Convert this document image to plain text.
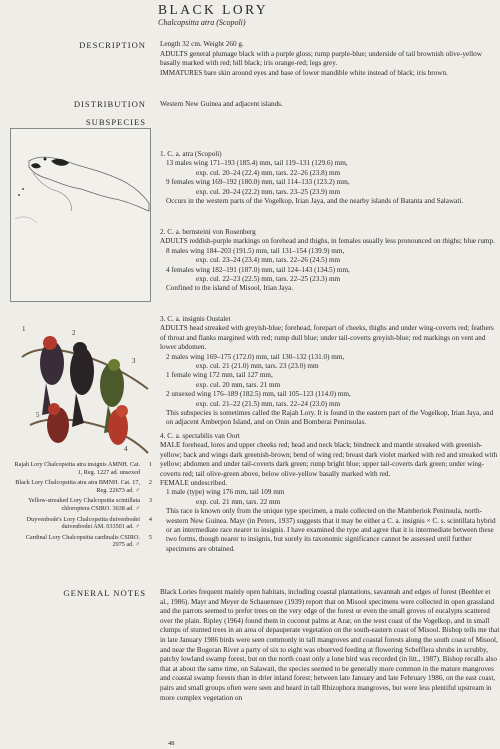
BLACK LORY
Chalcopsitta atra (Scopoli)
DESCRIPTION Length 32 cm. Weight 260 g.

ADULTS general plumage black with a purple gloss; rump purple-blue; underside of tail brownish olive-yellow basally marked with red; bill black; iris orange-red; legs grey.

IMMATURES bare skin around eyes and base of lower mandible white instead of black; iris brown.

DISTRIBUTION Western New Guinea and adjacent islands.
SUBSPECIES
1. C. a. atra (Scopoli)
13 males wing 171–193 (185.4) mm, tail 119–131 (129.6) mm,
exp. cul. 20–24 (22.4) mm, tars. 22–26 (23.8) mm
9 females wing 169–192 (180.0) mm, tail 114–133 (123.2) mm,
exp. cul. 20–24 (22.2) mm, tars. 23–25 (23.9) mm
Occurs in the western parts of the Vogelkop, Irian Jaya, and the nearby islands of Batanta and Salawati.
2. C. a. bernsteini von Rosenberg
ADULTS reddish-purple markings on forehead and thighs, in females usually less pronounced on thighs; blue rump.
8 males wing 184–203 (191.5) mm, tail 131–154 (139.9) mm,
exp. cul. 23–24 (23.4) mm, tars. 22–26 (24.5) mm
4 females wing 182–191 (187.0) mm, tail 124–143 (134.5) mm,
exp. cul. 22–23 (22.5) mm, tars. 22–25 (23.3) mm
Confined to the island of Misool, Irian Jaya.
3. C. a. insignis Oustalet
ADULTS head streaked with greyish-blue; forehead, forepart of cheeks, thighs and under wing-coverts red; feathers of throat and flanks margined with red; rump dull blue; under tail-coverts greyish-blue; red markings on vent and lower abdomen.
2 males wing 169–175 (172.0) mm, tail 130–132 (131.0) mm,
exp. cul. 21 (21.0) mm, tars. 23 (23.0) mm
1 female wing 172 mm, tail 127 mm,
exp. cul. 20 mm, tars. 21 mm
2 unsexed wing 176–189 (182.5) mm, tail 105–123 (114.0) mm,
exp. cul. 21–22 (21.5) mm, tars. 22–24 (23.0) mm
This subspecies is sometimes called the Rajah Lory. It is found in the eastern part of the Vogelkop, Irian Jaya, and on adjacent Amberpon Island, and on Onin and Bomberai Peninsulas.
4. C. a. spectabilis van Oort
MALE forehead, lores and upper cheeks red; head and neck black; bindneck and mantle streaked with greenish-yellow; back and wings dark greenish-brown; bend of wing red; breast dark violet marked with red and streaked with yellow; abdomen and under tail-coverts dark green; rump bright blue; upper tail-coverts dark green; under wing-coverts red; tail olive-green above, below olive-yellow basally marked with red.
FEMALE undescribed.
1 male (type) wing 176 mm, tail 109 mm
exp. cul. 21 mm, tars. 22 mm
This race is known only from the unique type specimen, a male collected on the Mamberiok Peninsula, north-western New Guinea. Mayr (in Peters, 1937) suggests that it may be either a C. a. insignis × C. s. scintillata hybrid or an intermediate race nearer to insignis. I have examined the type and agree that it is intermediate between these two forms, though nearer to insignis, but surely its taxonomic significance cannot be assessed until further specimens are obtained.
1	2
3
4
5
Rajah Lory Chalcopsitta atra insignis AMNH. Cat. 1, Reg. 1227 ad. unsexed
1
Black Lory Chalcopsitta atra atra BMNH. Cat. 17, Reg. 22673 ad. ♂
2
Yellow-streaked Lory Chalcopsitta scintillata chloroptera CSIRO. 3638 ad. ♂
3
Duyvenbode's Lory Chalcopsitta duivenbodei duivenbodei AM. 033501 ad. ♂
4
Cardinal Lory Chalcopsitta cardinalis CSIRO. 2975 ad. ♂
5
GENERAL NOTES Black Lories frequent mainly open habitats, including coastal plantations, savannah and edges of forest (Beehler et al., 1986). Mayr and Meyer de Schauensee (1939) report that on Misool specimens were collected in open grassland and the parrots seemed to prefer trees on the very edge of the forest or even the small groves of eucalypts scattered over the plain. Ripley (1964) found them in coconut palms at Arar, on the west coast of the Vogelkop, and in small clumps of stunted trees in an area of depauperate vegetation on the south-eastern coast of Misool. Bishop tells me that in late January 1986 birds were seen commonly in tall mangroves and coastal forests along the south coast of Misool, and near the Bogeran River a party of six to eight was observed feeding at flowering Schefflera shrubs in scrubby, patchy lowland swamp forest, but on the north coast only a lone bird was recorded (in litt., 1987). Bishop recalls also that at about the same time, on Salawati, the species seemed to be generally more common in the mature mangroves and coastal swamp forests than in drier inland forest; between late January and late February 1986, on the east coast, pairs and small groups often were seen and heard in tall Rhizophora mangroves, but were less plentiful upstream in more complex vegetation on
48
